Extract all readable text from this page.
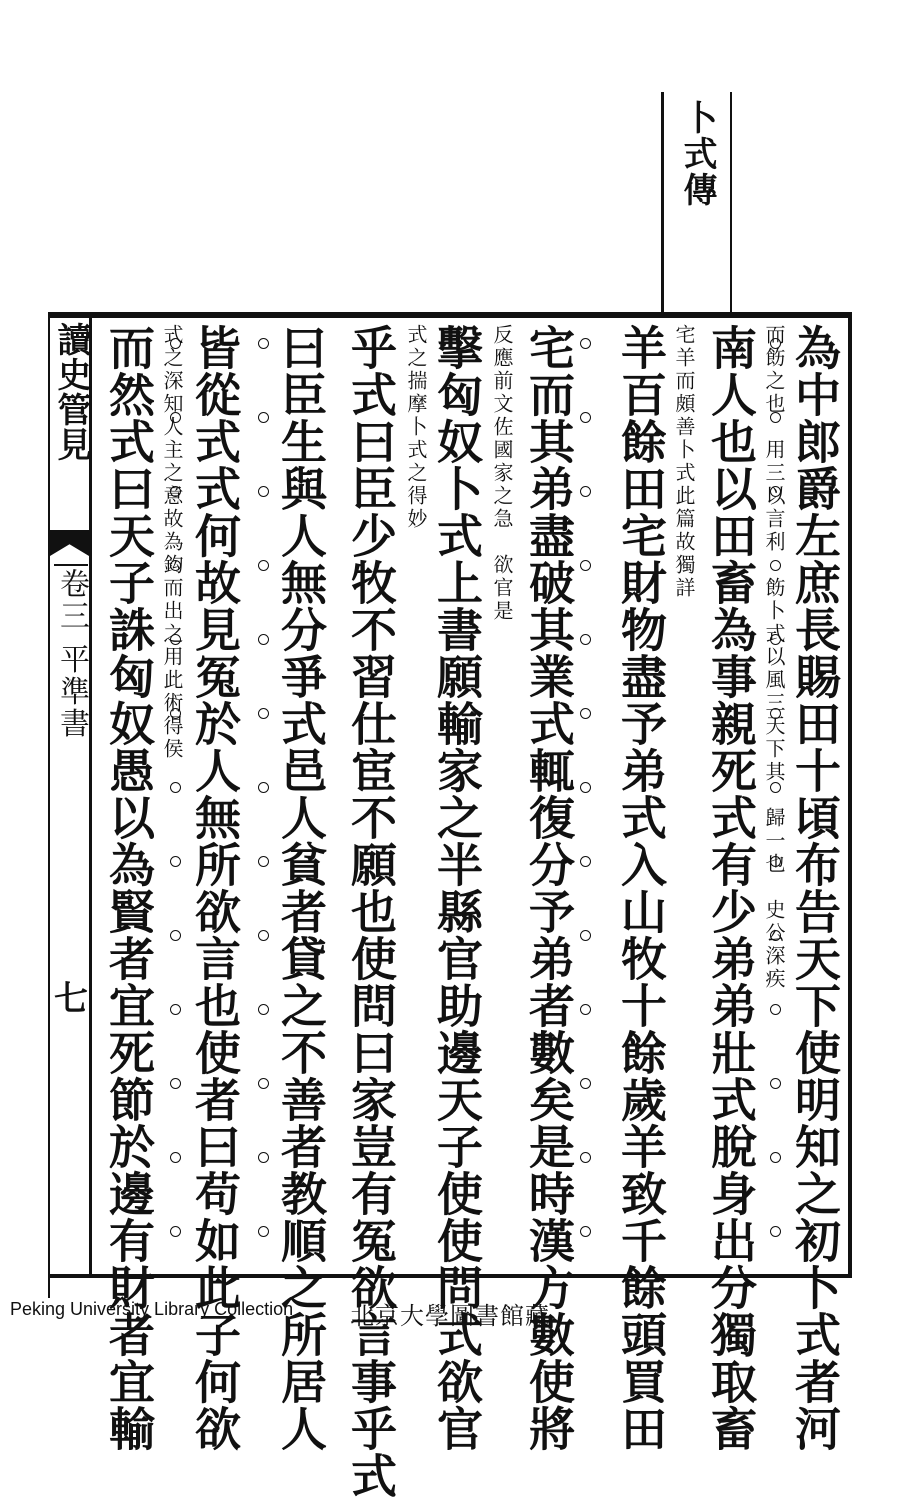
卜式傳
讀史管見
卷三 平準書
七	為中郎爵左庶長賜田十頃布告天下使明知之初卜式者河
南人也以田畜為事親死式有少弟弟壯式脫身出分獨取畜 而飭之也　用三以言利　飭卜式以風三天下其　歸一也　史公深疾
羊百餘田宅財物盡予弟式入山牧十餘歲羊致千餘頭買田 宅羊而頗善卜式此篇故獨詳
宅而其弟盡破其業式輒復分予弟者數矣是時漢方數使將
擊匈奴卜式上書願輸家之半縣官助邊天子使使問式欲官 反應前文佐國家之急　欲官是
乎式曰臣少牧不習仕宦不願也使問曰家豈有冤欲言事乎式 式之揣摩卜式之得妙
曰臣生與人無分爭式邑人貧者貸之不善者教順之所居人
皆從式式何故見冤於人無所欲言也使者曰苟如此子何欲
而然式曰天子誅匈奴愚以為賢者宜死節於邊有財者宜輸 式之深知人主之意故為鈎而出之用此術得侯
Peking University Library Collection 北京大學圖書館藏
